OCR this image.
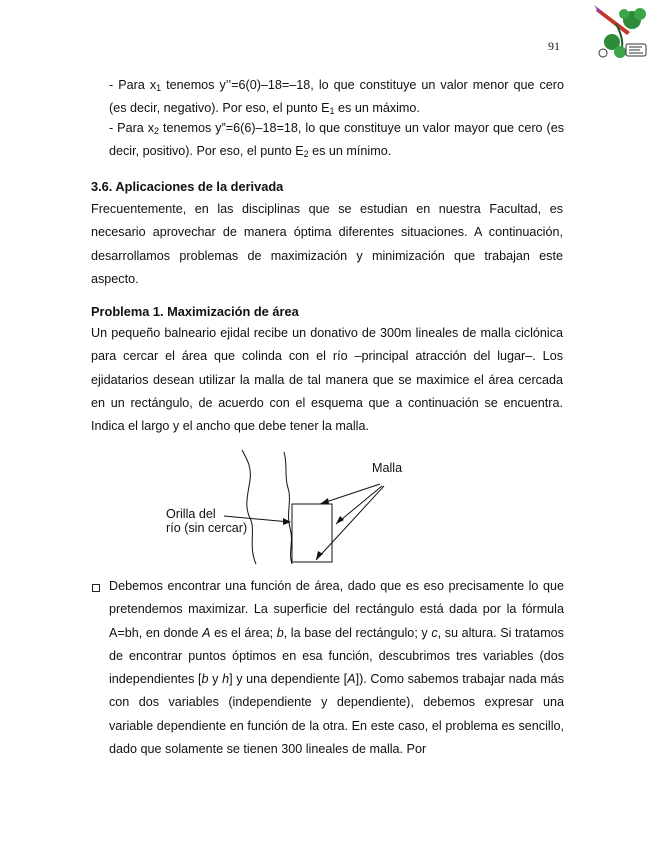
91

- Para $x_1$ tenemos y’’=6(0)–18=–18, lo que constituye un valor menor que cero (es decir, negativo). Por eso, el punto $E_1$ es un máximo.

- Para $x_2$ tenemos y”=6(6)–18=18, lo que constituye un valor mayor que cero (es decir, positivo). Por eso, el punto $E_2$ es un mínimo.

3.6. Aplicaciones de la derivada

Frecuentemente, en las disciplinas que se estudian en nuestra Facultad, es necesario aprovechar de manera óptima diferentes situaciones. A continuación, desarrollamos problemas de maximización y minimización que trabajan este aspecto.

Problema 1. Maximización de área

Un pequeño balneario ejidal recibe un donativo de 300m lineales de malla ciclónica para cercar el área que colinda con el río –principal atracción del lugar–. Los ejidatarios desean utilizar la malla de tal manera que se maximice el área cercada en un rectángulo, de acuerdo con el esquema que a continuación se encuentra. Indica el largo y el ancho que debe tener la malla.

Malla
Orilla del
río (sin cercar)

Debemos encontrar una función de área, dado que es eso precisamente lo que pretendemos maximizar. La superficie del rectángulo está dada por la fórmula A=bh, en donde A es el área; b, la base del rectángulo; y c, su altura. Si tratamos de encontrar puntos óptimos en esa función, descubrimos tres variables (dos independientes [b y h] y una dependiente [A]). Como sabemos trabajar nada más con dos variables (independiente y dependiente), debemos expresar una variable dependiente en función de la otra. En este caso, el problema es sencillo, dado que solamente se tienen 300 lineales de malla. Por
